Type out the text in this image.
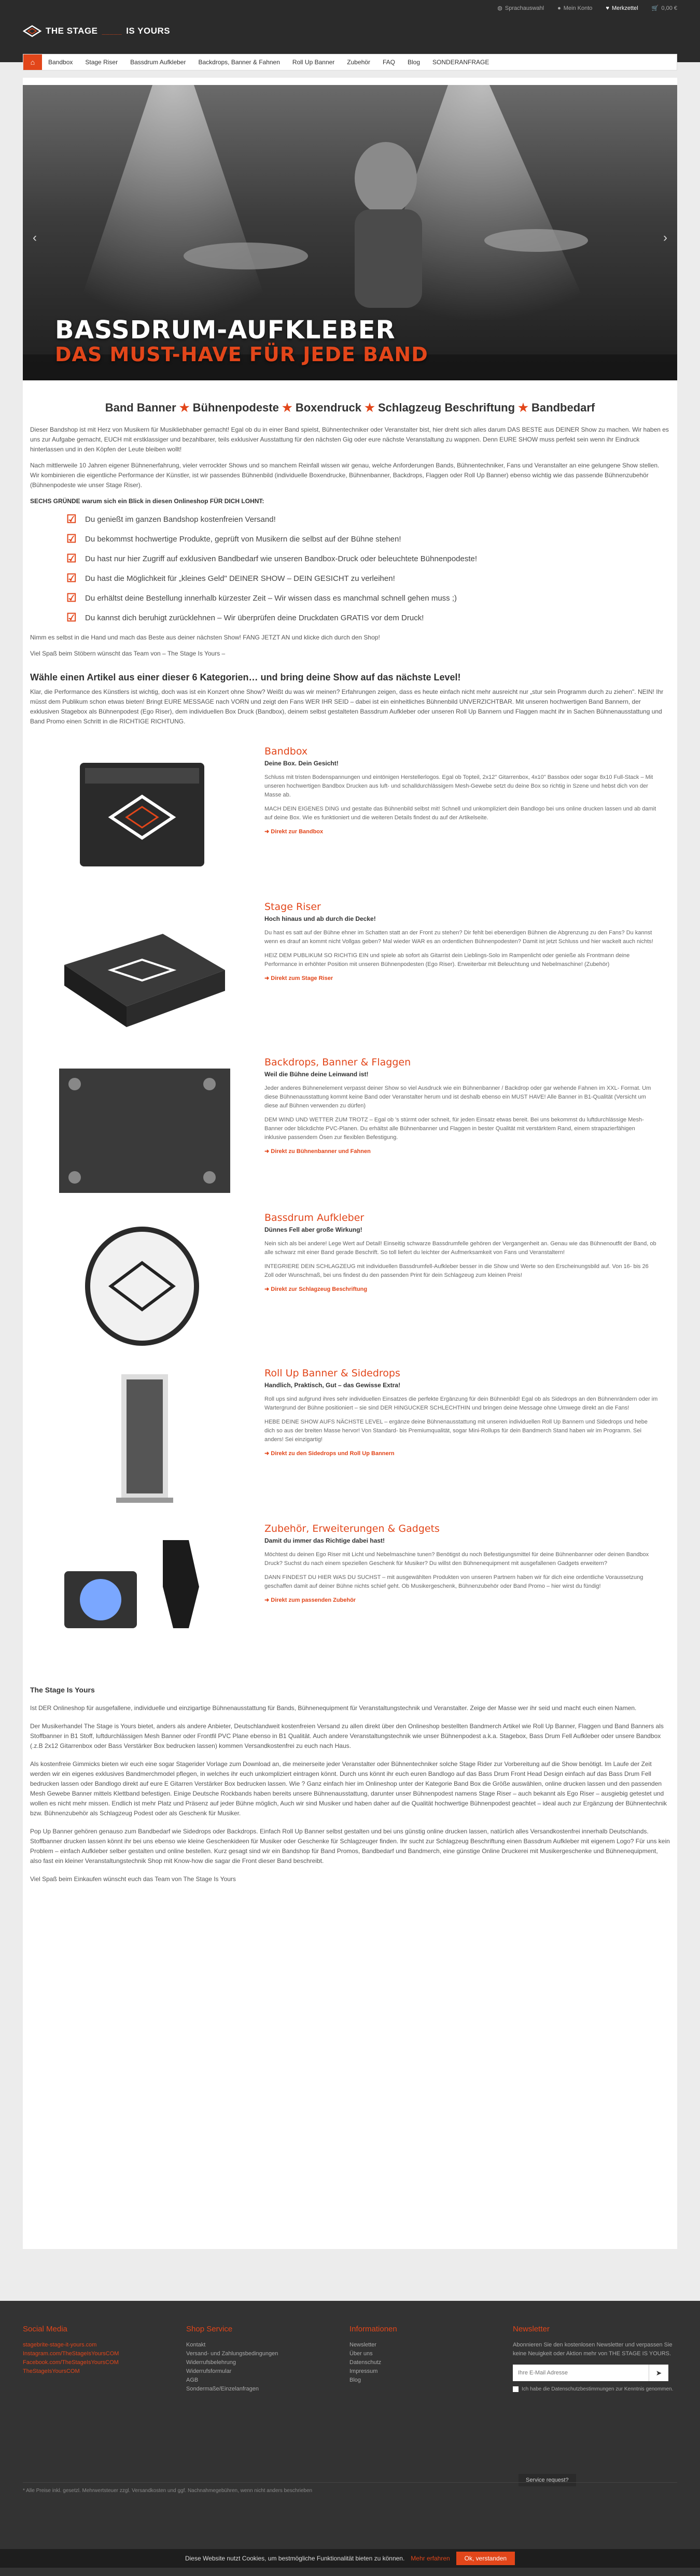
◍ Sprachauswahl ● Mein Konto ♥ Merkzettel 🛒 0,00 €
THE STAGE _____ IS YOURS
⌂	Bandbox	Stage Riser	Bassdrum Aufkleber	Backdrops, Banner & Fahnen	Roll Up Banner	Zubehör	FAQ	Blog	SONDERANFRAGE
‹	›
BASSDRUM-AUFKLEBER
DAS MUST-HAVE FÜR JEDE BAND
Band Banner ★ Bühnenpodeste ★ Boxendruck ★ Schlagzeug Beschriftung ★ Bandbedarf

Dieser Bandshop ist mit Herz von Musikern für Musikliebhaber gemacht! Egal ob du in einer Band spielst, Bühnentechniker oder Veranstalter bist, hier dreht sich alles darum DAS BESTE aus DEINER Show zu machen. Wir haben es uns zur Aufgabe gemacht, EUCH mit erstklassiger und bezahlbarer, teils exklusiver Ausstattung für den nächsten Gig oder eure nächste Veranstaltung zu wappnen. Denn EURE SHOW muss perfekt sein wenn ihr Eindruck hinterlassen und in den Köpfen der Leute bleiben wollt!

Nach mittlerweile 10 Jahren eigener Bühnenerfahrung, vieler verrockter Shows und so manchem Reinfall wissen wir genau, welche Anforderungen Bands, Bühnentechniker, Fans und Veranstalter an eine gelungene Show stellen. Wir kombinieren die eigentliche Performance der Künstler, ist wir passendes Bühnenbild (individuelle Boxendrucke, Bühnenbanner, Backdrops, Flaggen oder Roll Up Banner) ebenso wichtig wie das passende Bühnenzubehör (Bühnenpodeste wie unser Stage Riser).

SECHS GRÜNDE warum sich ein Blick in diesen Onlineshop FÜR DICH LOHNT:

☑ Du genießt im ganzen Bandshop kostenfreien Versand!
☑ Du bekommst hochwertige Produkte, geprüft von Musikern die selbst auf der Bühne stehen!
☑ Du hast nur hier Zugriff auf exklusiven Bandbedarf wie unseren Bandbox-Druck oder beleuchtete Bühnenpodeste!
☑ Du hast die Möglichkeit für „kleines Geld" DEINER SHOW – DEIN GESICHT zu verleihen!
☑ Du erhältst deine Bestellung innerhalb kürzester Zeit – Wir wissen dass es manchmal schnell gehen muss ;)
☑ Du kannst dich beruhigt zurücklehnen – Wir überprüfen deine Druckdaten GRATIS vor dem Druck!

Nimm es selbst in die Hand und mach das Beste aus deiner nächsten Show! FANG JETZT AN und klicke dich durch den Shop!

Viel Spaß beim Stöbern wünscht das Team von – The Stage Is Yours –

Wähle einen Artikel aus einer dieser 6 Kategorien… und bring deine Show auf das nächste Level!

Klar, die Performance des Künstlers ist wichtig, doch was ist ein Konzert ohne Show? Weißt du was wir meinen? Erfahrungen zeigen, dass es heute einfach nicht mehr ausreicht nur „stur sein Programm durch zu ziehen". NEIN! Ihr müsst dem Publikum schon etwas bieten! Bringt EURE MESSAGE nach VORN und zeigt den Fans WER IHR SEID – dabei ist ein einheitliches Bühnenbild UNVERZICHTBAR. Mit unseren hochwertigen Band Bannern, der exklusiven Stagebox als Bühnenpodest (Ego Riser), dem individuellen Box Druck (Bandbox), deinem selbst gestalteten Bassdrum Aufkleber oder unseren Roll Up Bannern und Flaggen macht ihr in Sachen Bühnenausstattung und Band Promo einen Schritt in die RICHTIGE RICHTUNG.

Bandbox
Deine Box. Dein Gesicht!

Schluss mit tristen Bodenspannungen und eintönigen Herstellerlogos. Egal ob Topteil, 2x12" Gitarrenbox, 4x10" Bassbox oder sogar 8x10 Full-Stack – Mit unseren hochwertigen Bandbox Drucken aus luft- und schalldurchlässigem Mesh-Gewebe setzt du deine Box so richtig in Szene und hebst dich von der Masse ab.

MACH DEIN EIGENES DING und gestalte das Bühnenbild selbst mit! Schnell und unkompliziert dein Bandlogo bei uns online drucken lassen und ab damit auf deine Box. Wie es funktioniert und die weiteren Details findest du auf der Artikelseite.

➜ Direkt zur Bandbox
Stage Riser
Hoch hinaus und ab durch die Decke!

Du hast es satt auf der Bühne ehner im Schatten statt an der Front zu stehen? Dir fehlt bei ebenerdigen Bühnen die Abgrenzung zu den Fans? Du kannst wenn es drauf an kommt nicht Vollgas geben? Mal wieder WAR es an ordentlichen Bühnenpodesten? Damit ist jetzt Schluss und hier wackelt auch nichts!

HEIZ DEM PUBLIKUM SO RICHTIG EIN und spiele ab sofort als Gitarrist dein Lieblings-Solo im Rampenlicht oder genieße als Frontmann deine Performance in erhöhter Position mit unseren Bühnenpodesten (Ego Riser). Erweiterbar mit Beleuchtung und Nebelmaschine! (Zubehör)

➜ Direkt zum Stage Riser
Backdrops, Banner & Flaggen
Weil die Bühne deine Leinwand ist!

Jeder anderes Bühnenelement verpasst deiner Show so viel Ausdruck wie ein Bühnenbanner / Backdrop oder gar wehende Fahnen im XXL- Format. Um diese Bühnenausstattung kommt keine Band oder Veranstalter herum und ist deshalb ebenso ein MUST HAVE! Alle Banner in B1-Qualität (Versicht um diese auf Bühnen verwenden zu dürfen)

DEM WIND UND WETTER ZUM TROTZ – Egal ob 's stürmt oder schneit, für jeden Einsatz etwas bereit. Bei uns bekommst du luftdurchlässige Mesh-Banner oder blickdichte PVC-Planen. Du erhältst alle Bühnenbanner und Flaggen in bester Qualität mit verstärktem Rand, einem strapazierfähigen inklusive passendem Ösen zur flexiblen Befestigung.

➜ Direkt zu Bühnenbanner und Fahnen
Bassdrum Aufkleber
Dünnes Fell aber große Wirkung!

Nein sich als bei andere! Lege Wert auf Detail! Einseitig schwarze Bassdrumfelle gehören der Vergangenheit an. Genau wie das Bühnenoutfit der Band, ob alle schwarz mit einer Band gerade Beschrift. So toll liefert du leichter der Aufmerksamkeit von Fans und Veranstaltern!

INTEGRIERE DEIN SCHLAGZEUG mit individuellen Bassdrumfell-Aufkleber besser in die Show und Werte so den Erscheinungsbild auf. Von 16- bis 26 Zoll oder Wunschmaß, bei uns findest du den passenden Print für dein Schlagzeug zum kleinen Preis!

➜ Direkt zur Schlagzeug Beschriftung
Roll Up Banner & Sidedrops
Handlich, Praktisch, Gut – das Gewisse Extra!

Roll ups sind aufgrund ihres sehr individuellen Einsatzes die perfekte Ergänzung für dein Bühnenbild! Egal ob als Sidedrops an den Bühnenrändern oder im Wartergrund der Bühne positioniert – sie sind DER HINGUCKER SCHLECHTHIN und bringen deine Message ohne Umwege direkt an die Fans!

HEBE DEINE SHOW AUFS NÄCHSTE LEVEL – ergänze deine Bühnenausstattung mit unseren individuellen Roll Up Bannern und Sidedrops und hebe dich so aus der breiten Masse hervor! Von Standard- bis Premiumqualität, sogar Mini-Rollups für dein Bandmerch Stand haben wir im Programm. Sei anders! Sei einzigartig!

➜ Direkt zu den Sidedrops und Roll Up Bannern
Zubehör, Erweiterungen & Gadgets
Damit du immer das Richtige dabei hast!

Möchtest du deinen Ego Riser mit Licht und Nebelmaschine tunen? Benötigst du noch Befestigungsmittel für deine Bühnenbanner oder deinen Bandbox Druck? Suchst du nach einem speziellen Geschenk für Musiker? Du willst den Bühnenequipment mit ausgefallenen Gadgets erweitern?

DANN FINDEST DU HIER WAS DU SUCHST – mit ausgewählten Produkten von unseren Partnern haben wir für dich eine ordentliche Voraussetzung geschaffen damit auf deiner Bühne nichts schief geht. Ob Musikergeschenk, Bühnenzubehör oder Band Promo – hier wirst du fündig!

➜ Direkt zum passenden Zubehör
The Stage Is Yours

Ist DER Onlineshop für ausgefallene, individuelle und einzigartige Bühnenausstattung für Bands, Bühnenequipment für Veranstaltungstechnik und Veranstalter. Zeige der Masse wer ihr seid und macht euch einen Namen.

Der Musikerhandel The Stage is Yours bietet, anders als andere Anbieter, Deutschlandweit kostenfreien Versand zu allen direkt über den Onlineshop bestellten Bandmerch Artikel wie Roll Up Banner, Flaggen und Band Banners als Stoffbanner in B1 Stoff, luftdurchlässigen Mesh Banner oder Frontfil PVC Plane ebenso in B1 Qualität. Auch andere Veranstaltungstechnik wie unser Bühnenpodest a.k.a. Stagebox, Bass Drum Fell Aufkleber oder unsere Bandbox (.z.B 2x12 Gitarrenbox oder Bass Verstärker Box bedrucken lassen) kommen Versandkostenfrei zu euch nach Haus.

Als kostenfreie Gimmicks bieten wir euch eine sogar Stagerider Vorlage zum Download an, die meinerseite jeder Veranstalter oder Bühnentechniker solche Stage Rider zur Vorbereitung auf die Show benötigt. Im Laufe der Zeit werden wir ein eigenes exklusives Bandmerchmodel pflegen, in welches ihr euch unkompliziert eintragen könnt. Durch uns könnt ihr euch euren Bandlogo auf das Bass Drum Front Head Design einfach auf das Bass Drum Fell bedrucken lassen oder Bandlogo direkt auf eure E Gitarren Verstärker Box bedrucken lassen. Wie ? Ganz einfach hier im Onlineshop unter der Kategorie Band Box die Größe auswählen, online drucken lassen und den passenden Mesh Gewebe Banner mittels Klettband befestigen. Einige Deutsche Rockbands haben bereits unsere Bühnenausstattung, darunter unser Bühnenpodest namens Stage Riser – auch bekannt als Ego Riser – ausgiebig getestet und wollen es nicht mehr missen. Endlich ist mehr Platz und Präsenz auf jeder Bühne möglich, Auch wir sind Musiker und haben daher auf die Qualität hochwertige Bühnenpodest geachtet – ideal auch zur Ergänzung der Bühnentechnik bzw. Bühnenzubehör als Schlagzeug Podest oder als Geschenk für Musiker.

Pop Up Banner gehören genauso zum Bandbedarf wie Sidedrops oder Backdrops. Einfach Roll Up Banner selbst gestalten und bei uns günstig online drucken lassen, natürlich alles Versandkostenfrei innerhalb Deutschlands. Stoffbanner drucken lassen könnt ihr bei uns ebenso wie kleine Geschenkideen für Musiker oder Geschenke für Schlagzeuger finden. Ihr sucht zur Schlagzeug Beschriftung einen Bassdrum Aufkleber mit eigenem Logo? Für uns kein Problem – einfach Aufkleber selber gestalten und online bestellen. Kurz gesagt sind wir ein Bandshop für Band Promos, Bandbedarf und Bandmerch, eine günstige Online Druckerei mit Musikergeschenke und Bühnenequipment, also fast ein kleiner Veranstaltungstechnik Shop mit Know-how die sagar die Front dieser Band beschreibt.

Viel Spaß beim Einkaufen wünscht euch das Team von The Stage Is Yours

Social Media
stagebrite-stage-it-yours.com
Instagram.com/TheStageIsYoursCOM
Facebook.com/TheStageIsYoursCOM
TheStageIsYoursCOM
Shop Service
Kontakt
Versand- und Zahlungsbedingungen
Widerrufsbelehrung
Widerrufsformular
AGB
Sondermaße/Einzelanfragen
Informationen
Newsletter
Über uns
Datenschutz
Impressum
Blog
Newsletter
Abonnieren Sie den kostenlosen Newsletter und verpassen Sie keine Neuigkeit oder Aktion mehr von THE STAGE IS YOURS.
Ihre E-Mail Adresse
➤
Ich habe die Datenschutzbestimmungen zur Kenntnis genommen.
Service request?
* Alle Preise inkl. gesetzl. Mehrwertsteuer zzgl. Versandkosten und ggf. Nachnahmegebühren, wenn nicht anders beschrieben
Diese Website nutzt Cookies, um bestmögliche Funktionalität bieten zu können. Mehr erfahren	Ok, verstanden
